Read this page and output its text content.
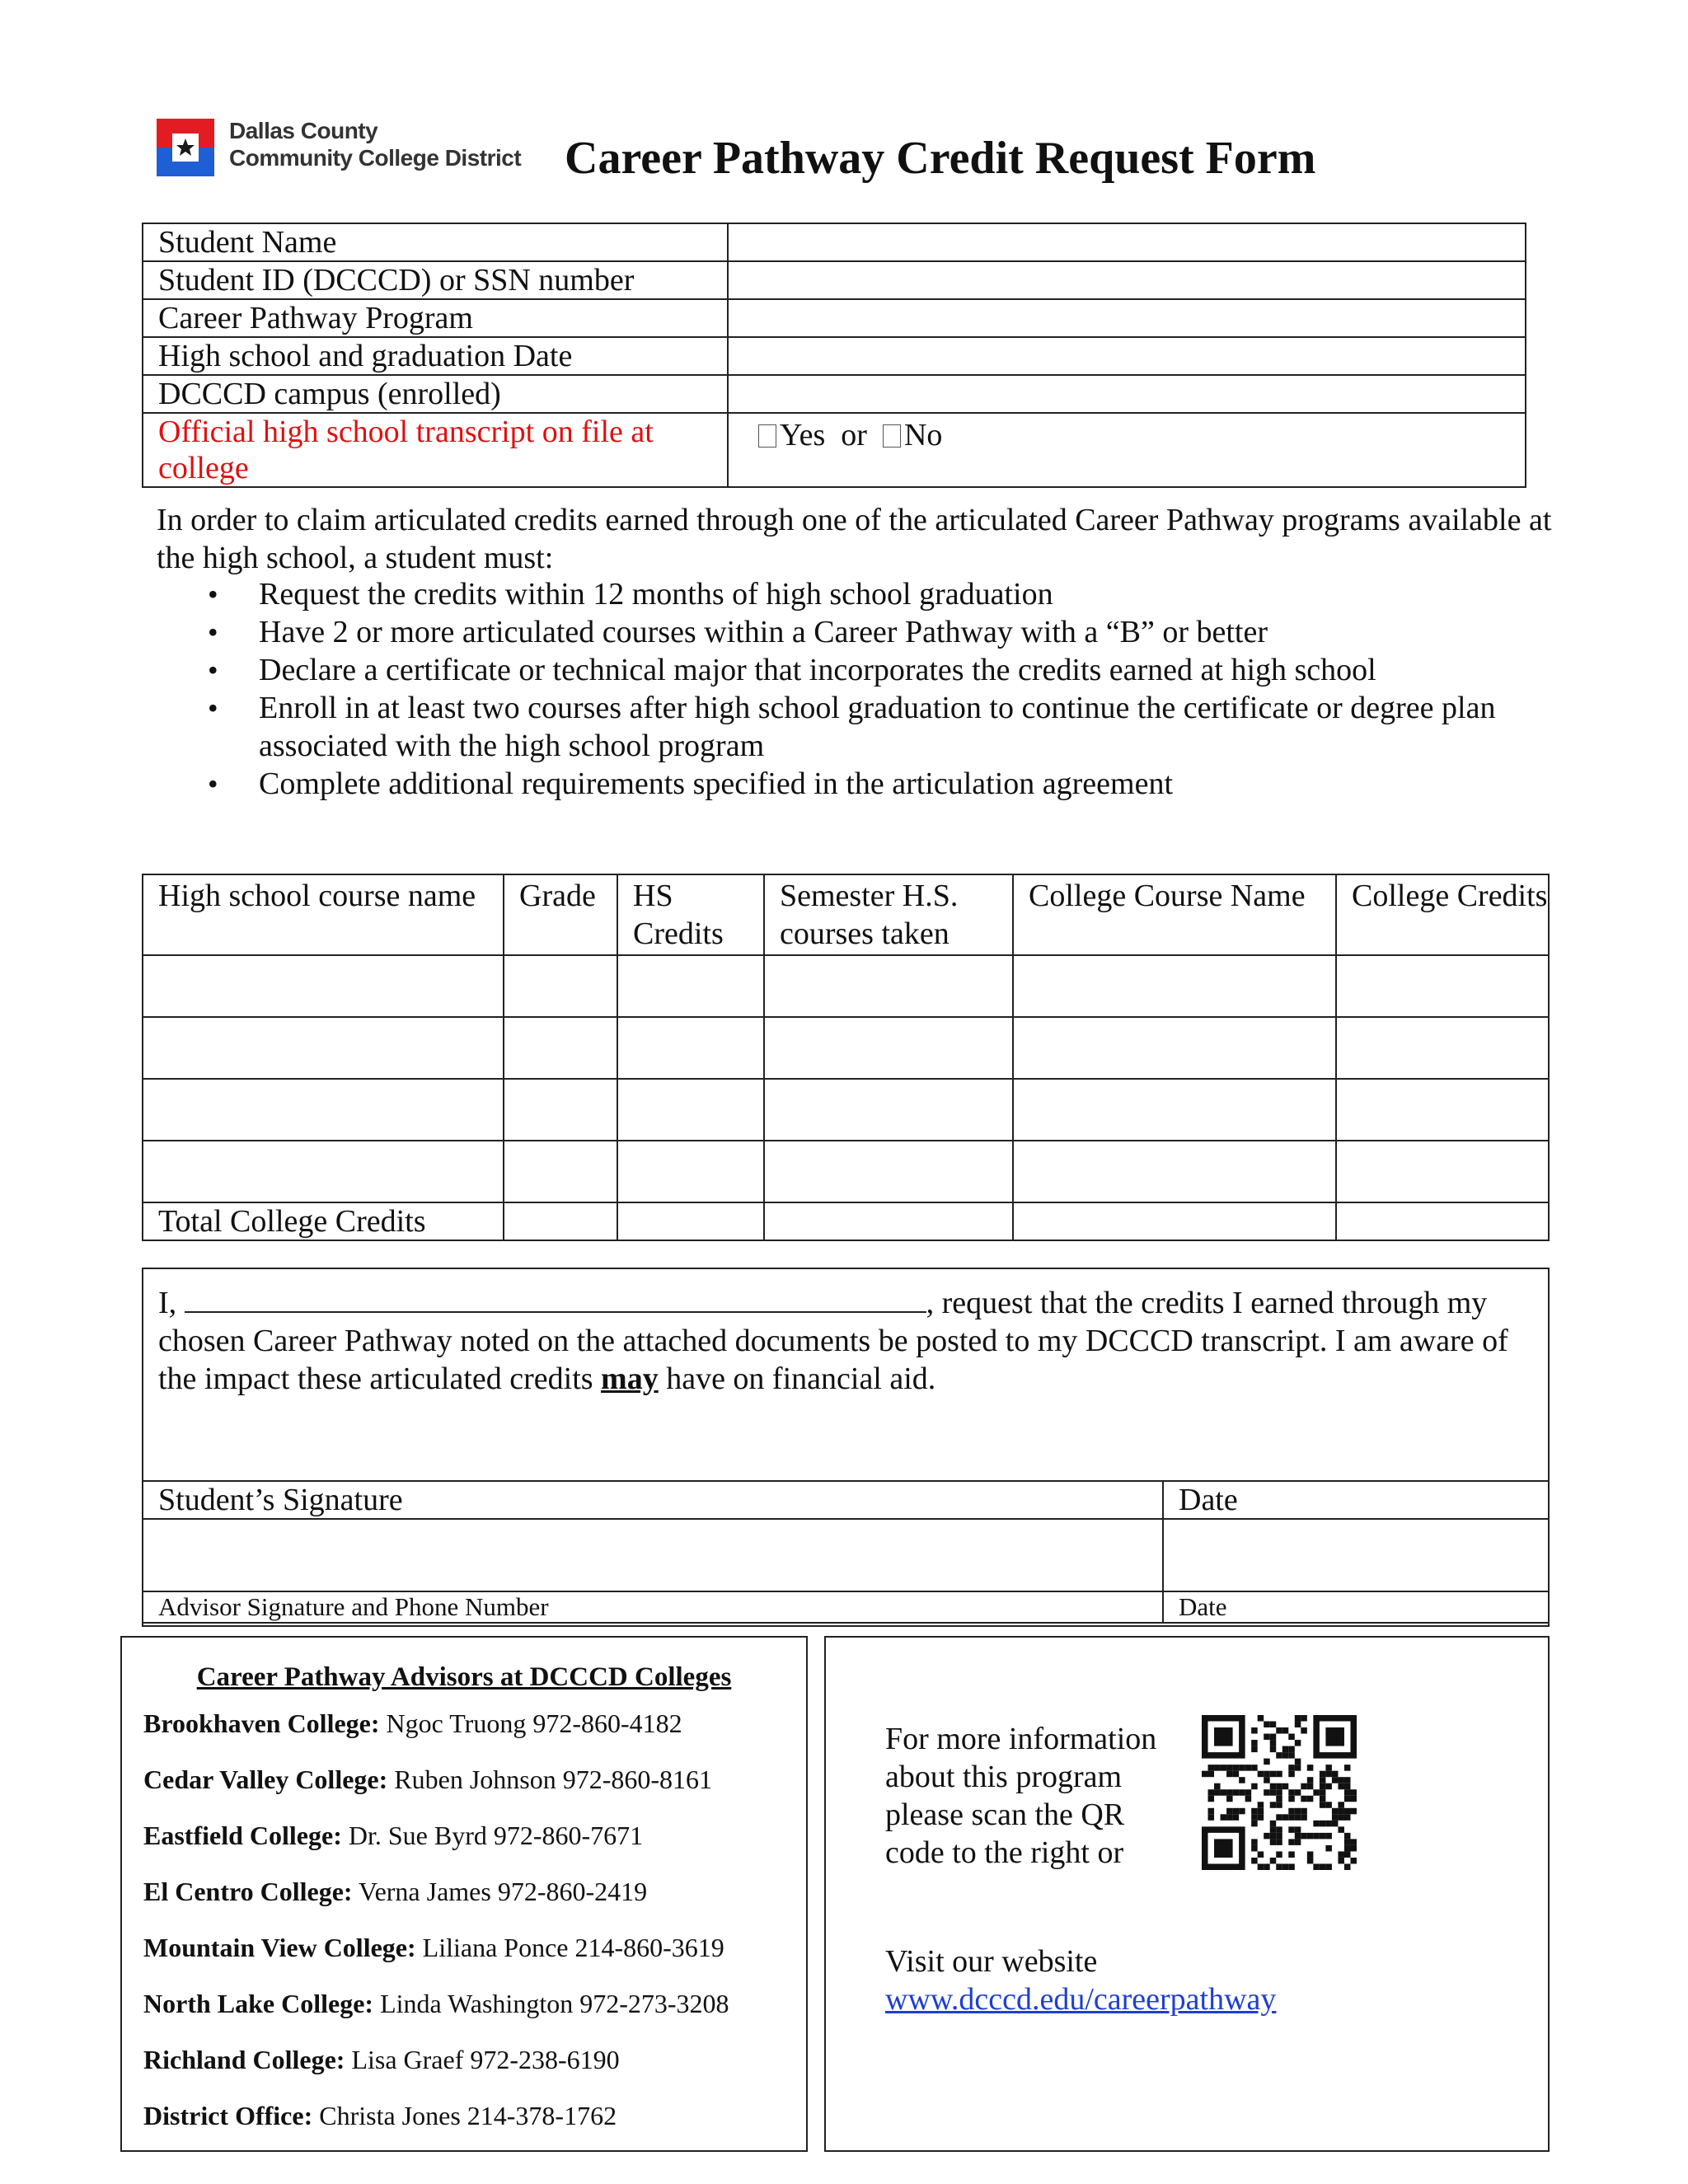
Dallas County
Community College District Career Pathway Credit Request Form
Student Name	
Student ID (DCCCD) or SSN number	
Career Pathway Program	
High school and graduation Date	
DCCCD campus (enrolled)	
Official high school transcript on file at college	Yes or No
In order to claim articulated credits earned through one of the articulated Career Pathway programs available at the high school, a student must:
• Request the credits within 12 months of high school graduation
• Have 2 or more articulated courses within a Career Pathway with a “B” or better
• Declare a certificate or technical major that incorporates the credits earned at high school
• Enroll in at least two courses after high school graduation to continue the certificate or degree plan associated with the high school program
• Complete additional requirements specified in the articulation agreement
High school course name	Grade	HS Credits	Semester H.S. courses taken	College Course Name	College Credits

Total College Credits					
I,	, request that the credits I earned through my chosen Career Pathway noted on the attached documents be posted to my DCCCD transcript. I am aware of the impact these articulated credits may have on financial aid.
Student’s Signature	Date

Advisor Signature and Phone Number	Date
Career Pathway Advisors at DCCCD Colleges
Brookhaven College: Ngoc Truong 972-860-4182
Cedar Valley College: Ruben Johnson 972-860-8161
Eastfield College: Dr. Sue Byrd 972-860-7671
El Centro College: Verna James 972-860-2419
Mountain View College: Liliana Ponce 214-860-3619
North Lake College: Linda Washington 972-273-3208
Richland College: Lisa Graef 972-238-6190
District Office: Christa Jones 214-378-1762
For more information about this program please scan the QR code to the right or
Visit our website
www.dcccd.edu/careerpathway
